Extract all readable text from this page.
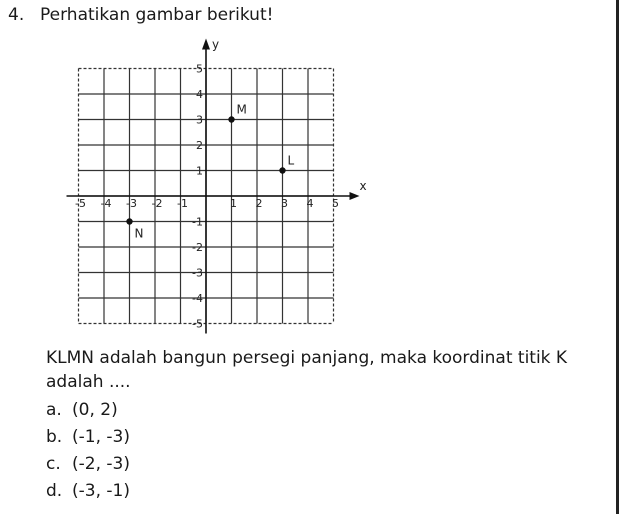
4. Perhatikan gambar berikut!
x
y
-5 -4 -3 -2 -1	1 2 3 4 5
-5
-4
-3
-2
-1
1
2
3
4
5
M
L
N
KLMN adalah bangun persegi panjang, maka koordinat titik K adalah ....
a. (0, 2)
b. (-1, -3)
c. (-2, -3)
d. (-3, -1)
